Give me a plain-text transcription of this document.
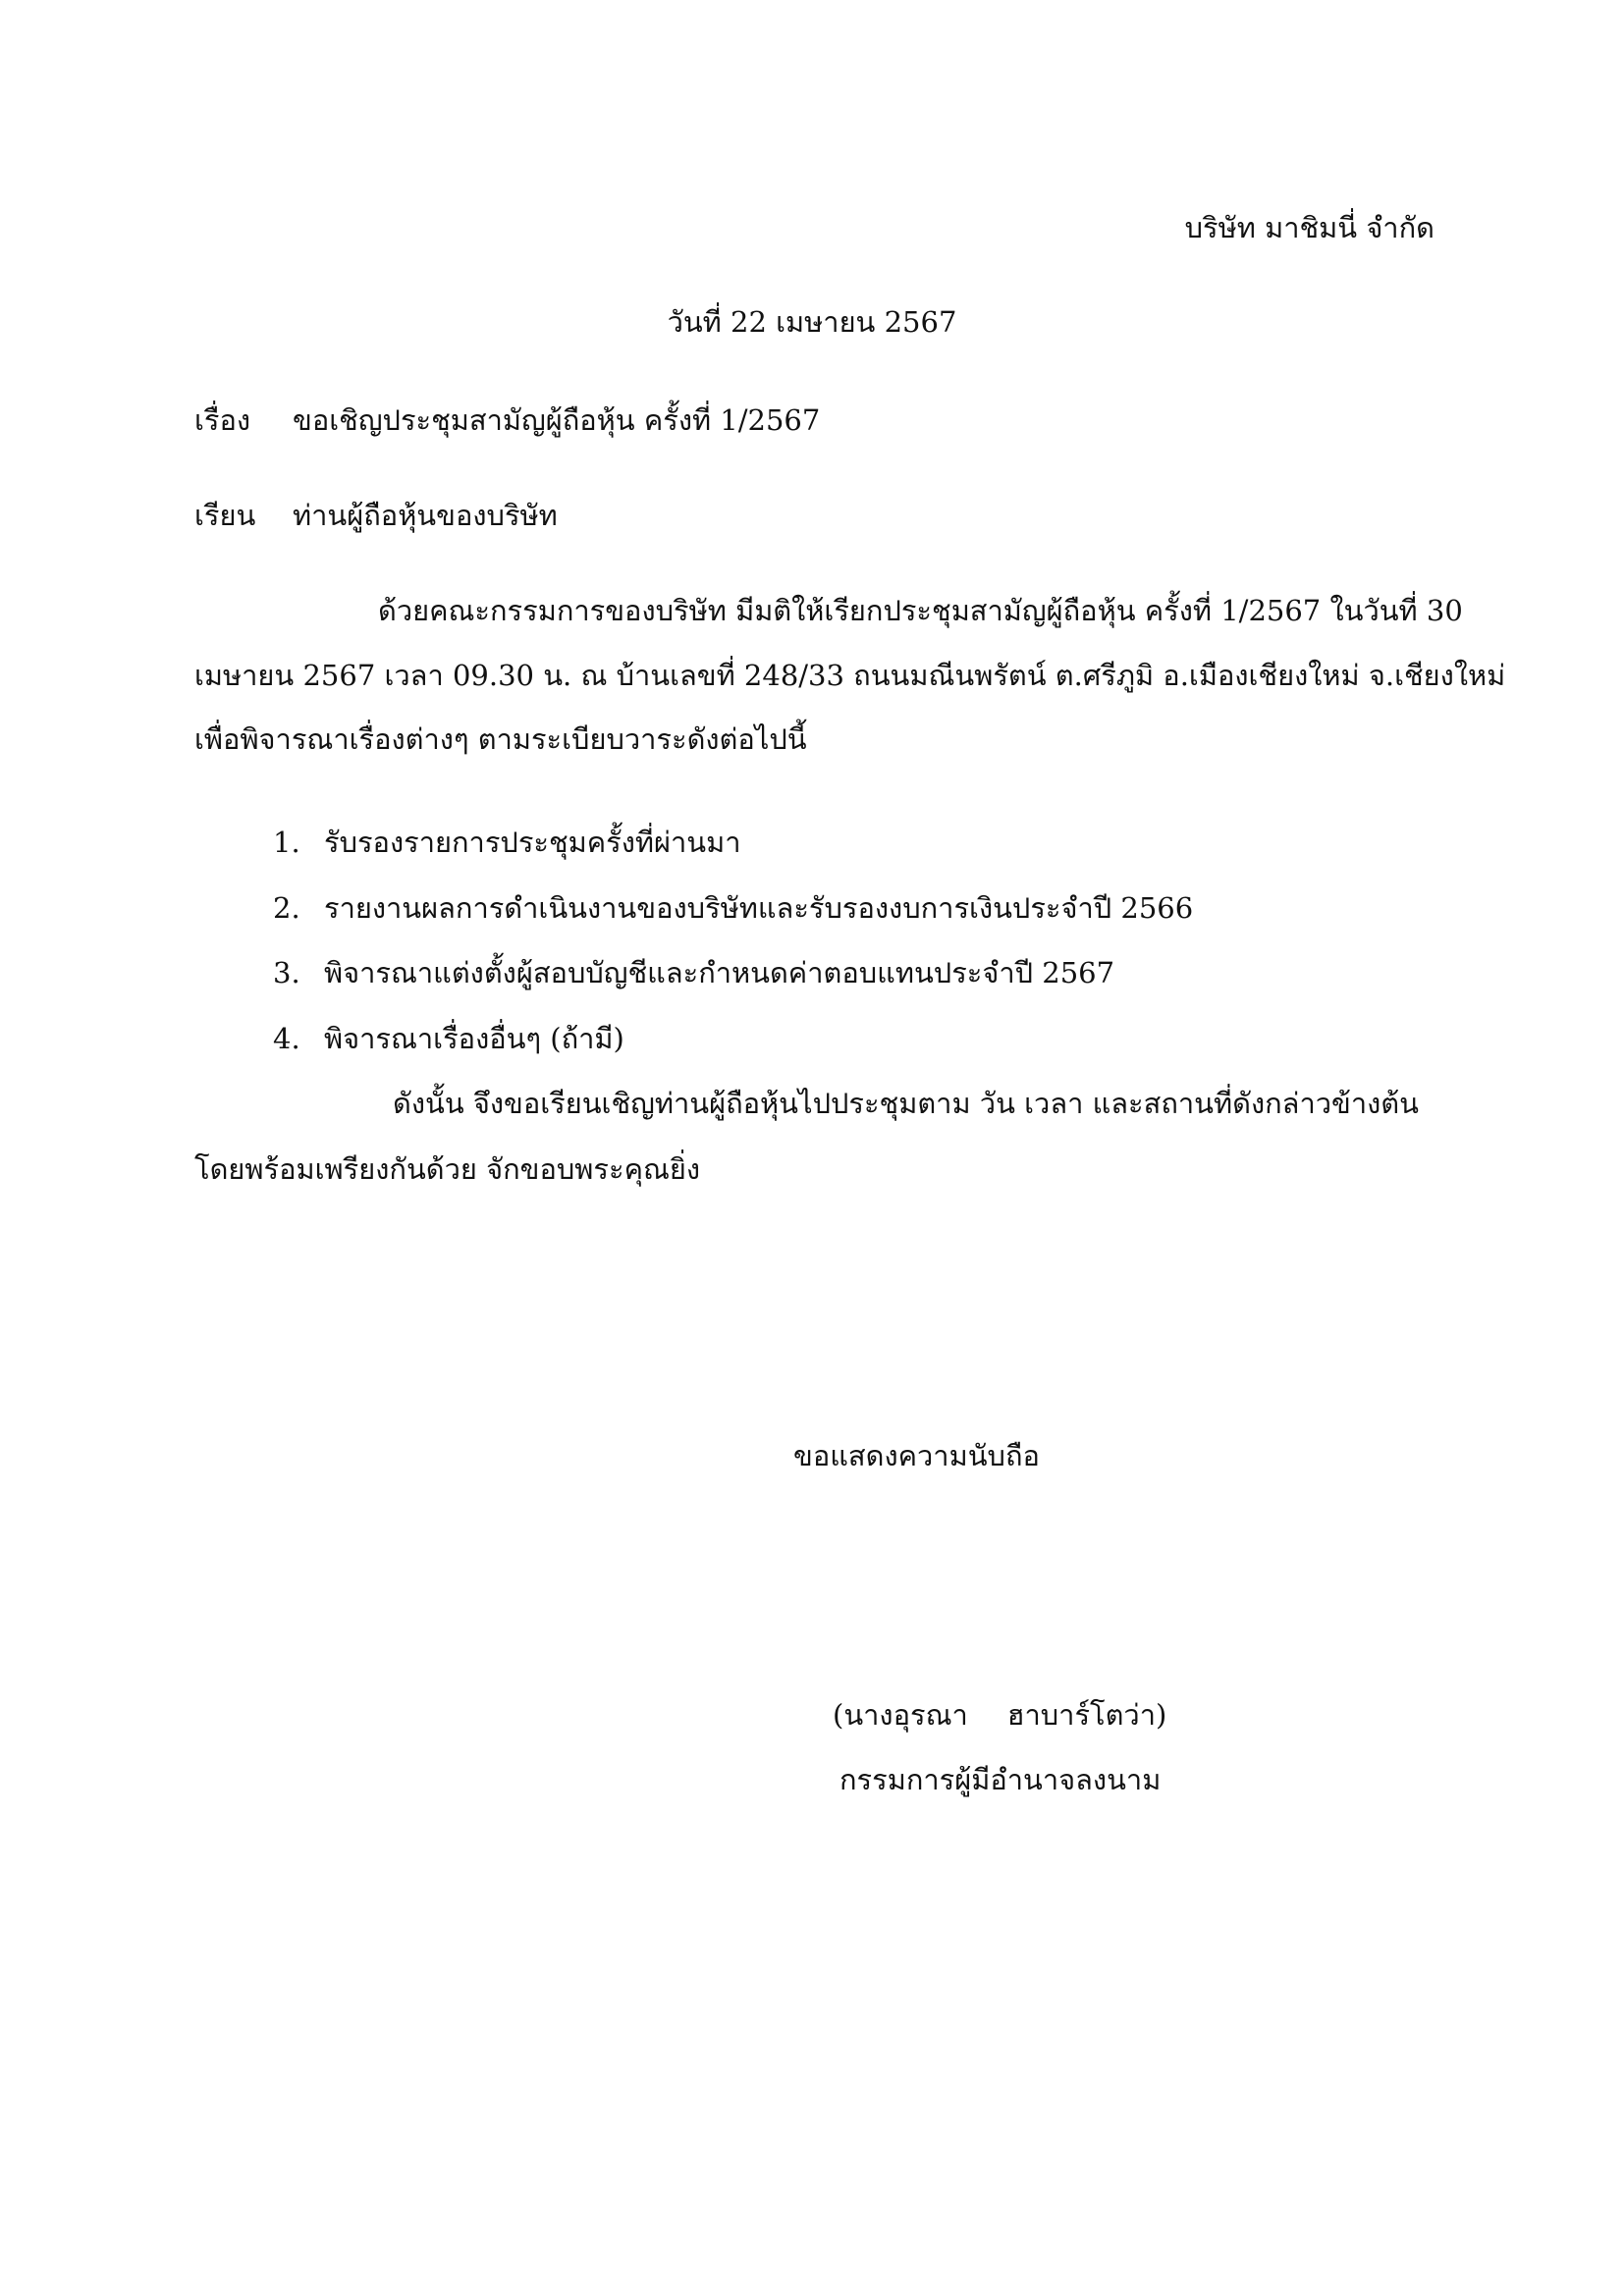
บริษัท มาชิมนี่ จำกัด

วันที่ 22 เมษายน 2567

เรื่อง ขอเชิญประชุมสามัญผู้ถือหุ้น ครั้งที่ 1/2567

เรียน ท่านผู้ถือหุ้นของบริษัท

ด้วยคณะกรรมการของบริษัท มีมติให้เรียกประชุมสามัญผู้ถือหุ้น ครั้งที่ 1/2567 ในวันที่ 30

เมษายน 2567 เวลา 09.30 น. ณ บ้านเลขที่ 248/33 ถนนมณีนพรัตน์ ต.ศรีภูมิ อ.เมืองเชียงใหม่ จ.เชียงใหม่

เพื่อพิจารณาเรื่องต่างๆ ตามระเบียบวาระดังต่อไปนี้

1. รับรองรายการประชุมครั้งที่ผ่านมา

2. รายงานผลการดำเนินงานของบริษัทและรับรองงบการเงินประจำปี 2566

3. พิจารณาแต่งตั้งผู้สอบบัญชีและกำหนดค่าตอบแทนประจำปี 2567

4. พิจารณาเรื่องอื่นๆ (ถ้ามี)

ดังนั้น จึงขอเรียนเชิญท่านผู้ถือหุ้นไปประชุมตาม วัน เวลา และสถานที่ดังกล่าวข้างต้น

โดยพร้อมเพรียงกันด้วย จักขอบพระคุณยิ่ง

ขอแสดงความนับถือ

(นางอุรณา ฮาบาร์โตว่า)

กรรมการผู้มีอำนาจลงนาม
